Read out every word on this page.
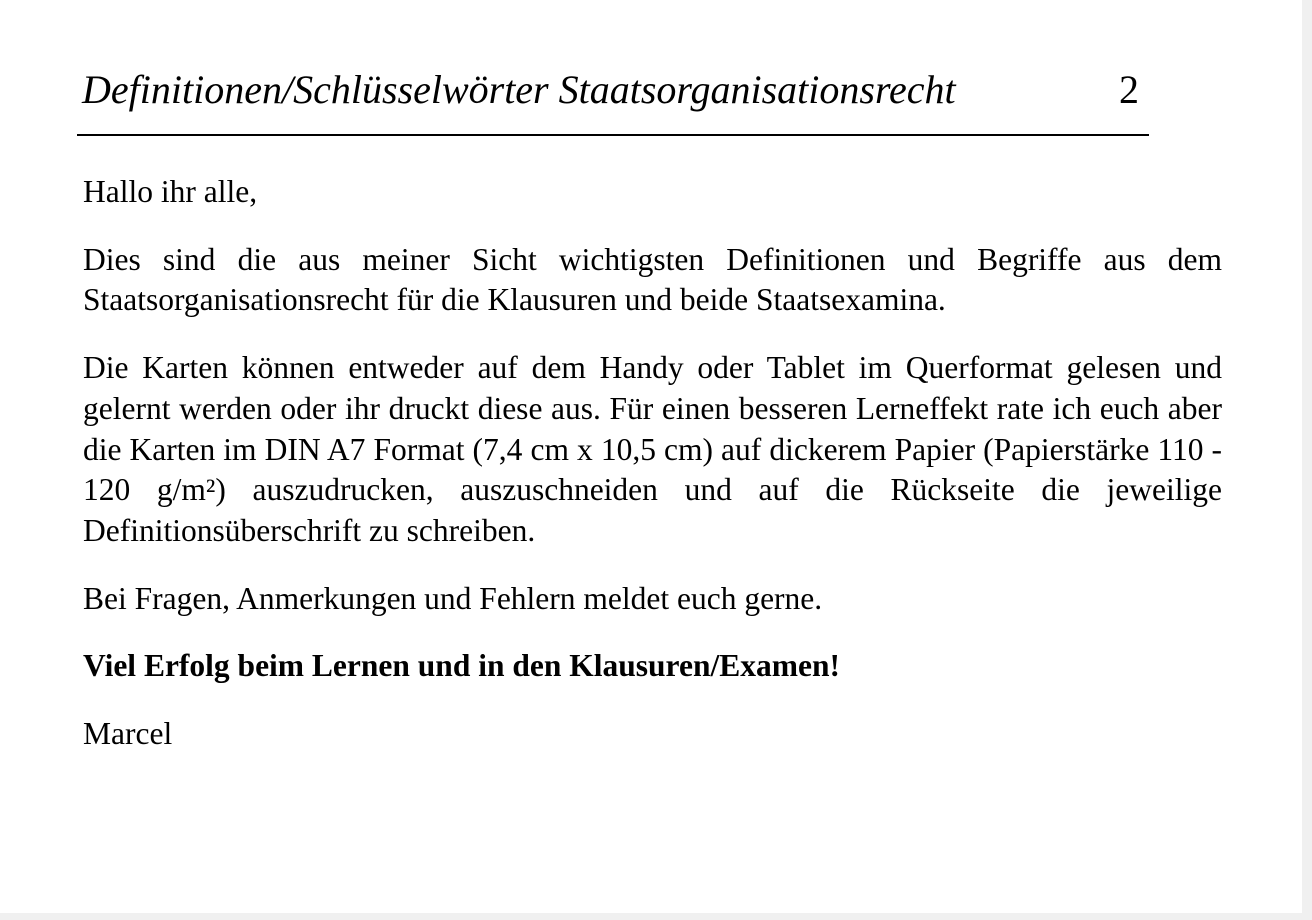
Definitionen/Schlüsselwörter Staatsorganisationsrecht	2

Hallo ihr alle,

Dies sind die aus meiner Sicht wichtigsten Definitionen und Begriffe aus dem Staatsorganisationsrecht für die Klausuren und beide Staatsexamina.

Die Karten können entweder auf dem Handy oder Tablet im Querformat gelesen und gelernt werden oder ihr druckt diese aus. Für einen besseren Lerneffekt rate ich euch aber die Karten im DIN A7 Format (7,4 cm x 10,5 cm) auf dickerem Papier (Papierstärke 110 - 120 g/m²) auszudrucken, auszuschneiden und auf die Rückseite die jeweilige Definitionsüberschrift zu schreiben.

Bei Fragen, Anmerkungen und Fehlern meldet euch gerne.

Viel Erfolg beim Lernen und in den Klausuren/Examen!

Marcel
